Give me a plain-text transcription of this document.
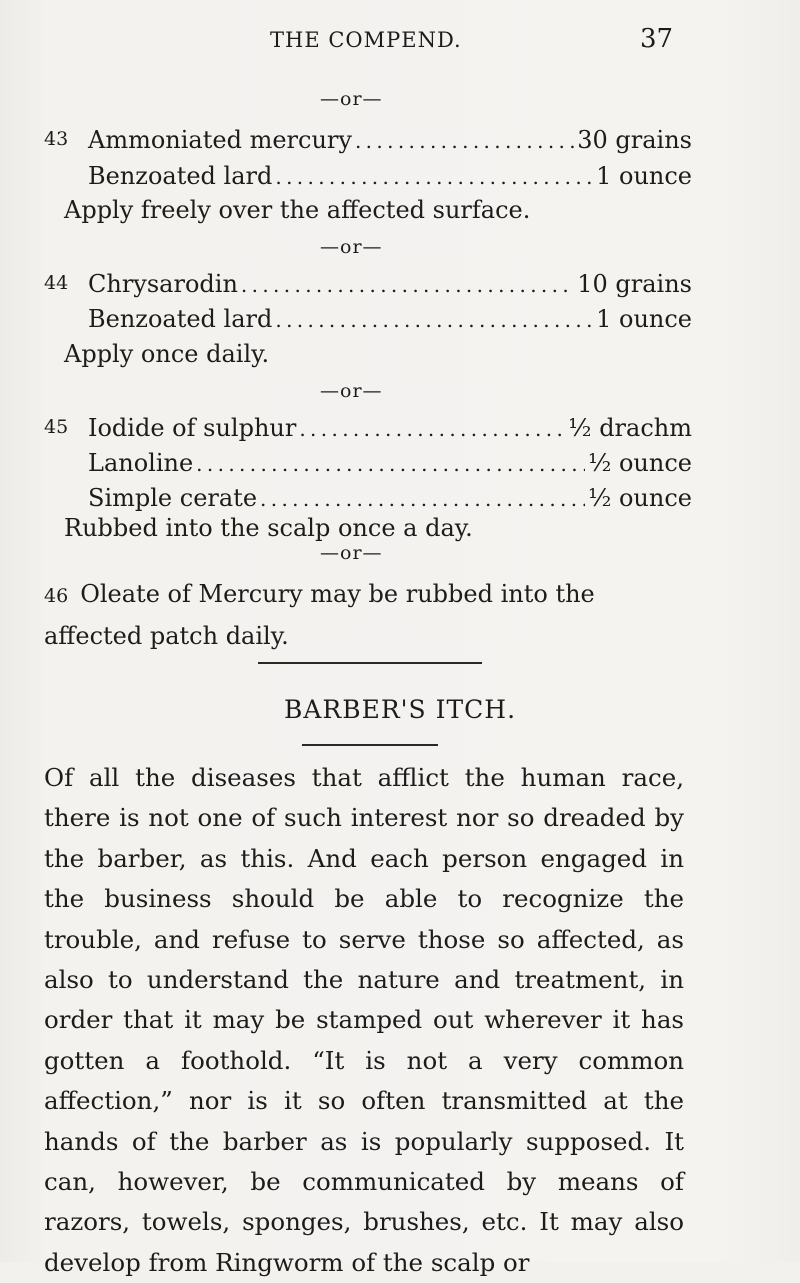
THE COMPEND.	37
—or—
43 Ammoniated mercury . . .	30 grains
Benzoated lard . . .	1 ounce
Apply freely over the affected surface.
—or—
44 Chrysarodin . . .	10 grains
Benzoated lard . . .	1 ounce
Apply once daily.
—or—
45 Iodide of sulphur . . .	½ drachm
Lanoline . . .	½ ounce
Simple cerate . . .	½ ounce
Rubbed into the scalp once a day.
—or—
46 Oleate of Mercury may be rubbed into the affected patch daily.
BARBER'S ITCH.
Of all the diseases that afflict the human race, there is not one of such interest nor so dreaded by the barber, as this. And each person engaged in the business should be able to recognize the trouble, and refuse to serve those so affected, as also to understand the nature and treatment, in order that it may be stamped out wherever it has gotten a foothold. “It is not a very common affection,” nor is it so often transmitted at the hands of the barber as is popularly supposed. It can, however, be communicated by means of razors, towels, sponges, brushes, etc. It may also develop from Ringworm of the scalp or
